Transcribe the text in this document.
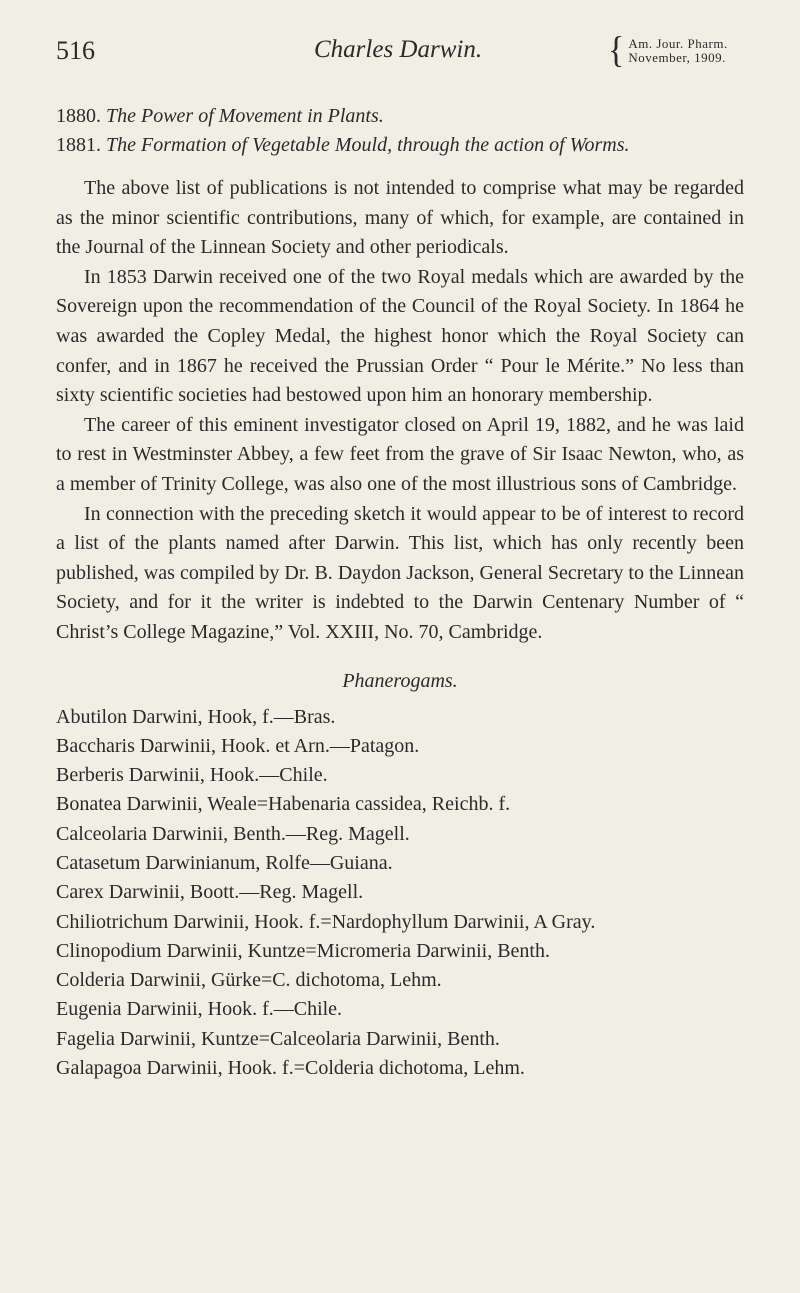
516	Charles Darwin.	{ Am. Jour. Pharm.
November, 1909.
1880. The Power of Movement in Plants.
1881. The Formation of Vegetable Mould, through the action of Worms.

The above list of publications is not intended to comprise what may be regarded as the minor scientific contributions, many of which, for example, are contained in the Journal of the Linnean Society and other periodicals.

In 1853 Darwin received one of the two Royal medals which are awarded by the Sovereign upon the recommendation of the Council of the Royal Society. In 1864 he was awarded the Copley Medal, the highest honor which the Royal Society can confer, and in 1867 he received the Prussian Order “ Pour le Mérite.” No less than sixty scientific societies had bestowed upon him an honorary membership.

The career of this eminent investigator closed on April 19, 1882, and he was laid to rest in Westminster Abbey, a few feet from the grave of Sir Isaac Newton, who, as a member of Trinity College, was also one of the most illustrious sons of Cambridge.

In connection with the preceding sketch it would appear to be of interest to record a list of the plants named after Darwin. This list, which has only recently been published, was compiled by Dr. B. Daydon Jackson, General Secretary to the Linnean Society, and for it the writer is indebted to the Darwin Centenary Number of “ Christ’s College Magazine,” Vol. XXIII, No. 70, Cambridge.

Phanerogams.
Abutilon Darwini, Hook, f.—Bras.
Baccharis Darwinii, Hook. et Arn.—Patagon.
Berberis Darwinii, Hook.—Chile.
Bonatea Darwinii, Weale=Habenaria cassidea, Reichb. f.
Calceolaria Darwinii, Benth.—Reg. Magell.
Catasetum Darwinianum, Rolfe—Guiana.
Carex Darwinii, Boott.—Reg. Magell.
Chiliotrichum Darwinii, Hook. f.=Nardophyllum Darwinii, A Gray.
Clinopodium Darwinii, Kuntze=Micromeria Darwinii, Benth.
Colderia Darwinii, Gürke=C. dichotoma, Lehm.
Eugenia Darwinii, Hook. f.—Chile.
Fagelia Darwinii, Kuntze=Calceolaria Darwinii, Benth.
Galapagoa Darwinii, Hook. f.=Colderia dichotoma, Lehm.
